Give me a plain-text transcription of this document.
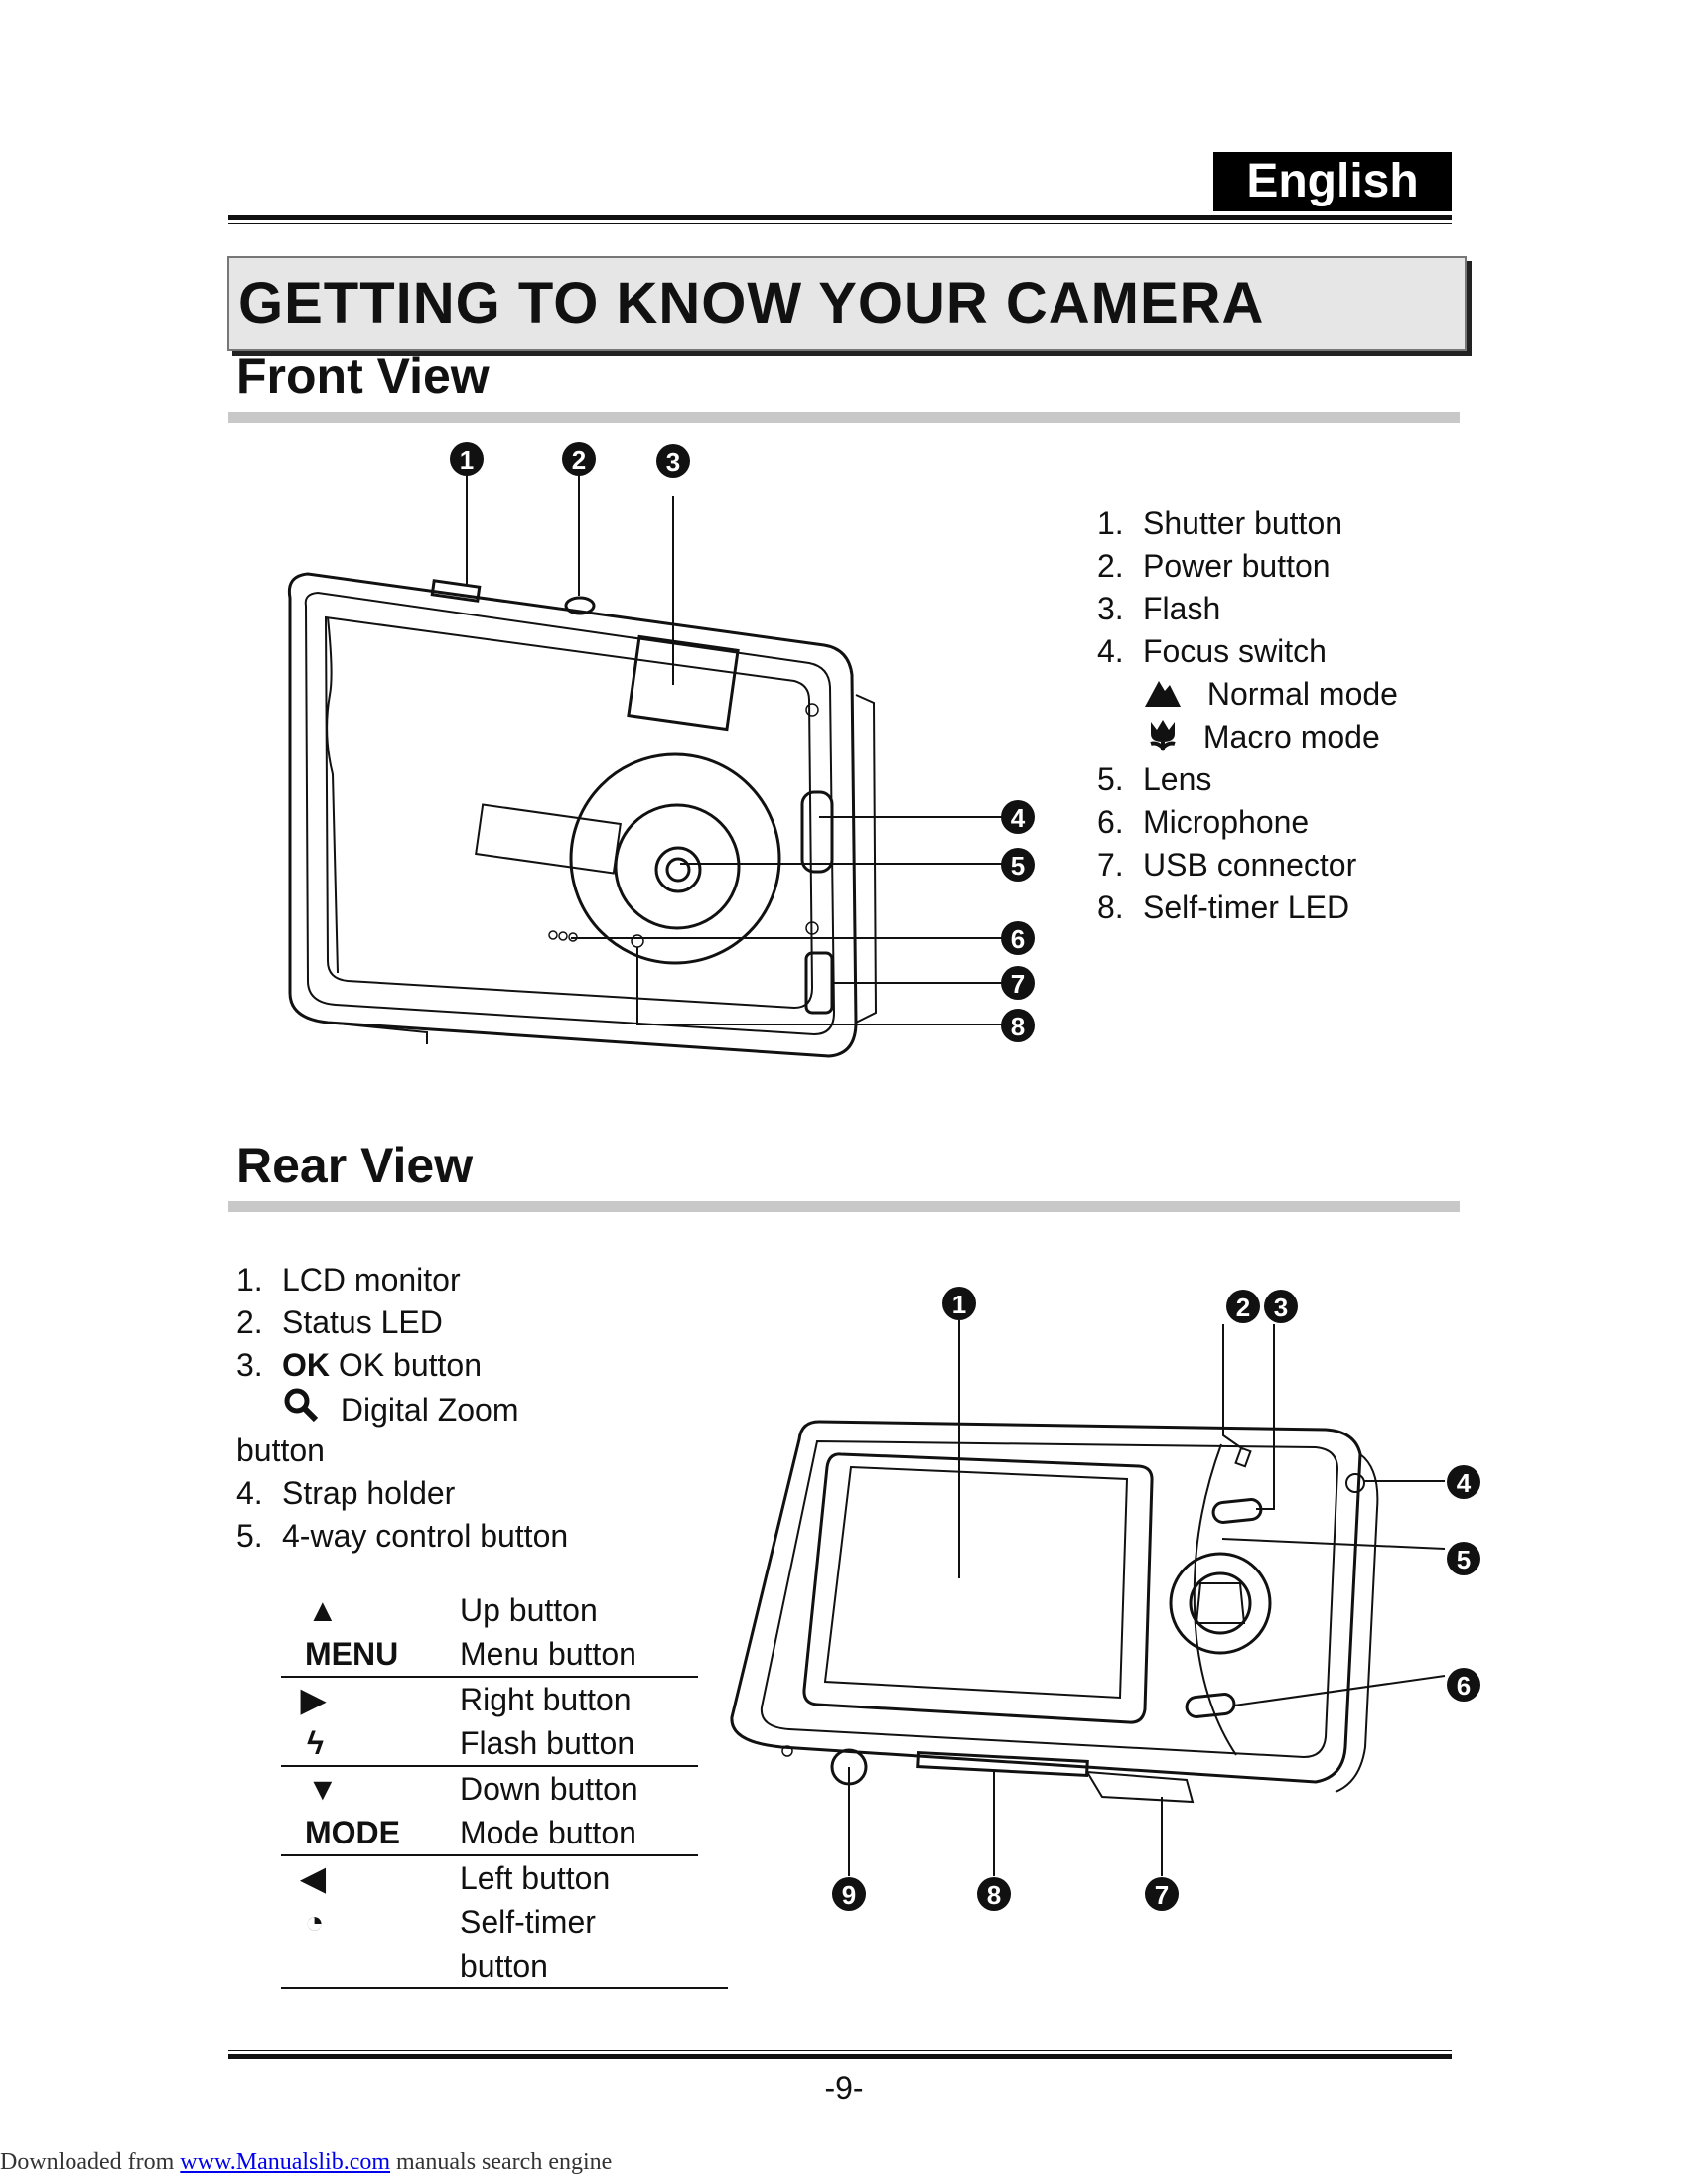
English
GETTING TO KNOW YOUR CAMERA
Front View
1	2	3
4
5
6
7
8
1. Shutter button
2. Power button
3. Flash
4. Focus switch
Normal mode
Macro mode
5. Lens
6. Microphone
7. USB connector
8. Self-timer LED
Rear View
1. LCD monitor
2. Status LED
3. OK OK button
Digital Zoom
button
4. Strap holder
5. 4-way control button
▲	Up button
MENU	Menu button
▶	Right button
ϟ	Flash button
▼	Down button
MODE	Mode button
◀	Left button
◔	Self-timer
button
1	2 3
4
5
6
7
8
9
-9-
Downloaded from www.Manualslib.com manuals search engine
